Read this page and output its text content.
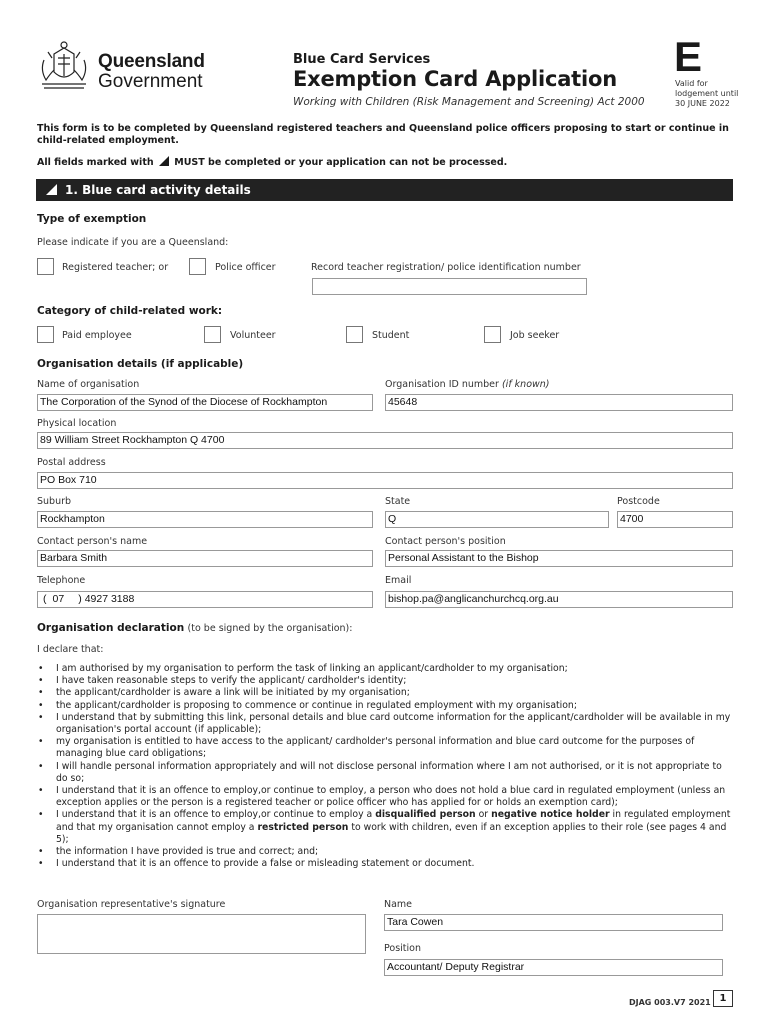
Queensland
Government
Blue Card Services
Exemption Card Application
Working with Children (Risk Management and Screening) Act 2000
E
Valid for lodgement until 30 JUNE 2022
This form is to be completed by Queensland registered teachers and Queensland police officers proposing to start or continue in child-related employment.
All fields marked with MUST be completed or your application can not be processed.
1. Blue card activity details
Type of exemption
Please indicate if you are a Queensland:
Registered teacher; or	Police officer	Record teacher registration/ police identification number
Category of child-related work:
Paid employee	Volunteer	Student	Job seeker
Organisation details (if applicable)
Name of organisation	Organisation ID number (if known)
The Corporation of the Synod of the Diocese of Rockhampton	45648
Physical location
89 William Street Rockhampton Q 4700
Postal address
PO Box 710
Suburb	State	Postcode
Rockhampton	Q	4700
Contact person's name	Contact person's position
Barbara Smith	Personal Assistant to the Bishop
Telephone	Email
( 07 ) 4927 3188	bishop.pa@anglicanchurchcq.org.au
Organisation declaration (to be signed by the organisation):
I declare that:
• I am authorised by my organisation to perform the task of linking an applicant/cardholder to my organisation;
• I have taken reasonable steps to verify the applicant/ cardholder's identity;
• the applicant/cardholder is aware a link will be initiated by my organisation;
• the applicant/cardholder is proposing to commence or continue in regulated employment with my organisation;
• I understand that by submitting this link, personal details and blue card outcome information for the applicant/cardholder will be available in my organisation's portal account (if applicable);
• my organisation is entitled to have access to the applicant/ cardholder's personal information and blue card outcome for the purposes of managing blue card obligations;
• I will handle personal information appropriately and will not disclose personal information where I am not authorised, or it is not appropriate to do so;
• I understand that it is an offence to employ,or continue to employ, a person who does not hold a blue card in regulated employment (unless an exception applies or the person is a registered teacher or police officer who has applied for or holds an exemption card);
• I understand that it is an offence to employ,or continue to employ a disqualified person or negative notice holder in regulated employment and that my organisation cannot employ a restricted person to work with children, even if an exception applies to their role (see pages 4 and 5);
• the information I have provided is true and correct; and;
• I understand that it is an offence to provide a false or misleading statement or document.
Organisation representative's signature	Name
Tara Cowen
Position
Accountant/ Deputy Registrar
DJAG 003.V7 2021 1
